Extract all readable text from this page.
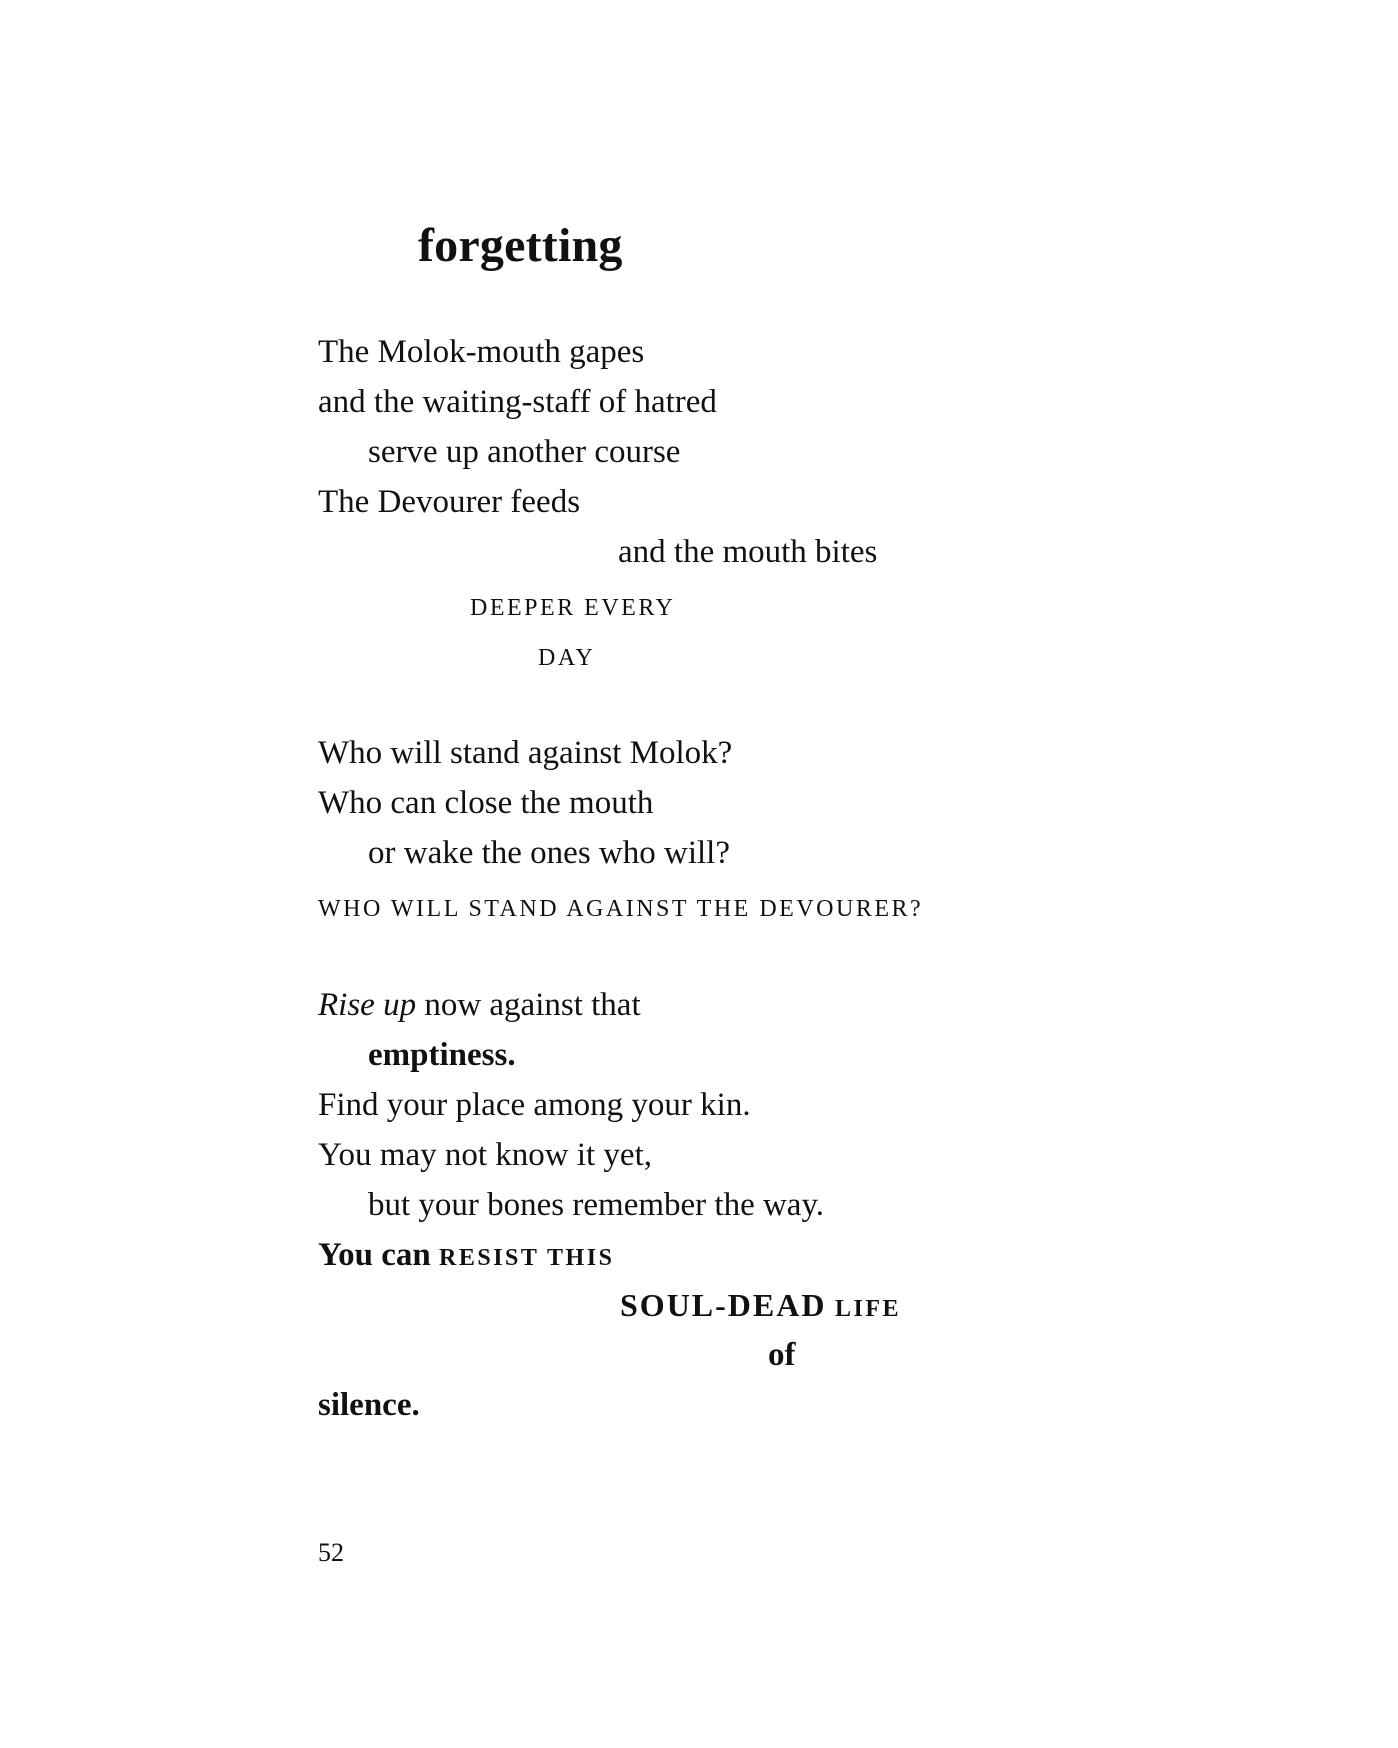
forgetting

The Molok-mouth gapes

and the waiting-staff of hatred

serve up another course

The Devourer feeds

and the mouth bites

DEEPER EVERY

DAY

Who will stand against Molok?

Who can close the mouth

or wake the ones who will?

WHO WILL STAND AGAINST THE DEVOURER?

Rise up now against that

emptiness.

Find your place among your kin.

You may not know it yet,

but your bones remember the way.

You can RESIST THIS

SOUL-DEAD LIFE

of

silence.

52
